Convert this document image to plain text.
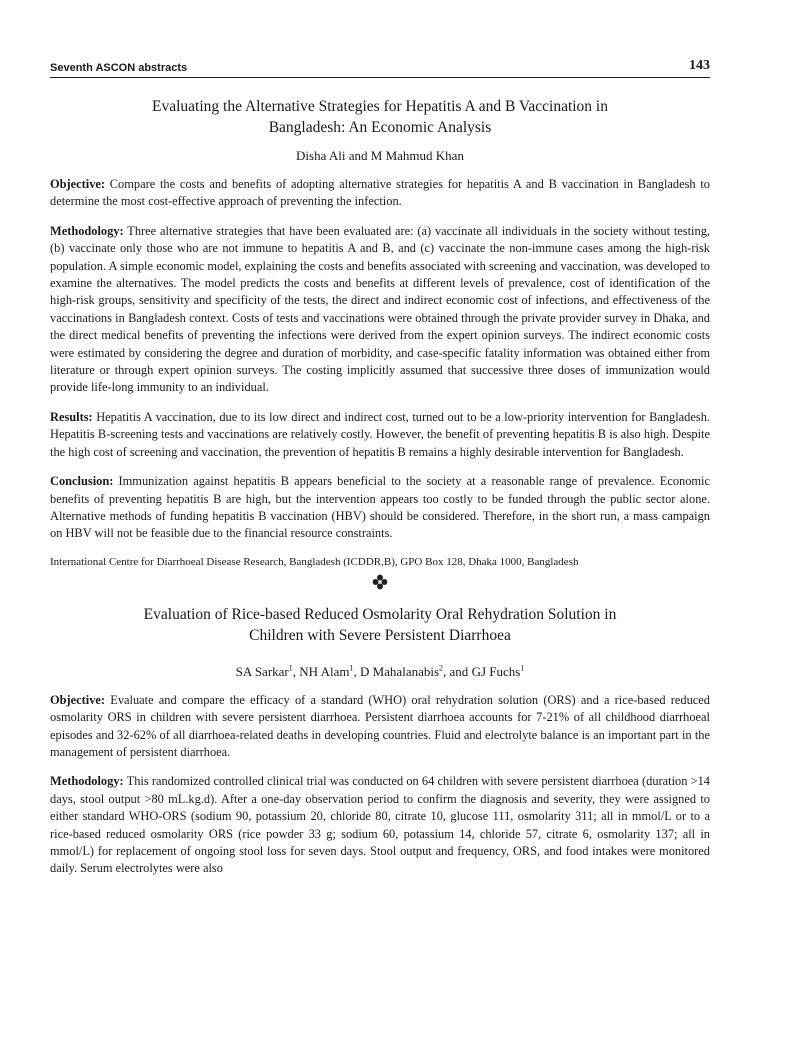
Seventh ASCON abstracts	143

Evaluating the Alternative Strategies for Hepatitis A and B Vaccination in

Bangladesh: An Economic Analysis

Disha Ali and M Mahmud Khan

Objective: Compare the costs and benefits of adopting alternative strategies for hepatitis A and B vaccination in Bangladesh to determine the most cost-effective approach of preventing the infection.

Methodology: Three alternative strategies that have been evaluated are: (a) vaccinate all individuals in the society without testing, (b) vaccinate only those who are not immune to hepatitis A and B, and (c) vaccinate the non-immune cases among the high-risk population. A simple economic model, explaining the costs and benefits associated with screening and vaccination, was developed to examine the alternatives. The model predicts the costs and benefits at different levels of prevalence, cost of identification of the high-risk groups, sensitivity and specificity of the tests, the direct and indirect economic cost of infections, and effectiveness of the vaccinations in Bangladesh context. Costs of tests and vaccinations were obtained through the private provider survey in Dhaka, and the direct medical benefits of preventing the infections were derived from the expert opinion surveys. The indirect economic costs were estimated by considering the degree and duration of morbidity, and case-specific fatality information was obtained either from literature or through expert opinion surveys. The costing implicitly assumed that successive three doses of immunization would provide life-long immunity to an individual.

Results: Hepatitis A vaccination, due to its low direct and indirect cost, turned out to be a low-priority intervention for Bangladesh. Hepatitis B-screening tests and vaccinations are relatively costly. However, the benefit of preventing hepatitis B is also high. Despite the high cost of screening and vaccination, the prevention of hepatitis B remains a highly desirable intervention for Bangladesh.

Conclusion: Immunization against hepatitis B appears beneficial to the society at a reasonable range of prevalence. Economic benefits of preventing hepatitis B are high, but the intervention appears too costly to be funded through the public sector alone. Alternative methods of funding hepatitis B vaccination (HBV) should be considered. Therefore, in the short run, a mass campaign on HBV will not be feasible due to the financial resource constraints.

International Centre for Diarrhoeal Disease Research, Bangladesh (ICDDR,B), GPO Box 128, Dhaka 1000, Bangladesh

Evaluation of Rice-based Reduced Osmolarity Oral Rehydration Solution in

Children with Severe Persistent Diarrhoea

SA Sarkar$^1$, NH Alam$^1$, D Mahalanabis$^2$, and GJ Fuchs$^1$

Objective: Evaluate and compare the efficacy of a standard (WHO) oral rehydration solution (ORS) and a rice-based reduced osmolarity ORS in children with severe persistent diarrhoea. Persistent diarrhoea accounts for 7-21% of all childhood diarrhoeal episodes and 32-62% of all diarrhoea-related deaths in developing countries. Fluid and electrolyte balance is an important part in the management of persistent diarrhoea.

Methodology: This randomized controlled clinical trial was conducted on 64 children with severe persistent diarrhoea (duration >14 days, stool output >80 mL.kg.d). After a one-day observation period to confirm the diagnosis and severity, they were assigned to either standard WHO-ORS (sodium 90, potassium 20, chloride 80, citrate 10, glucose 111, osmolarity 311; all in mmol/L or to a rice-based reduced osmolarity ORS (rice powder 33 g; sodium 60, potassium 14, chloride 57, citrate 6, osmolarity 137; all in mmol/L) for replacement of ongoing stool loss for seven days. Stool output and frequency, ORS, and food intakes were monitored daily. Serum electrolytes were also
